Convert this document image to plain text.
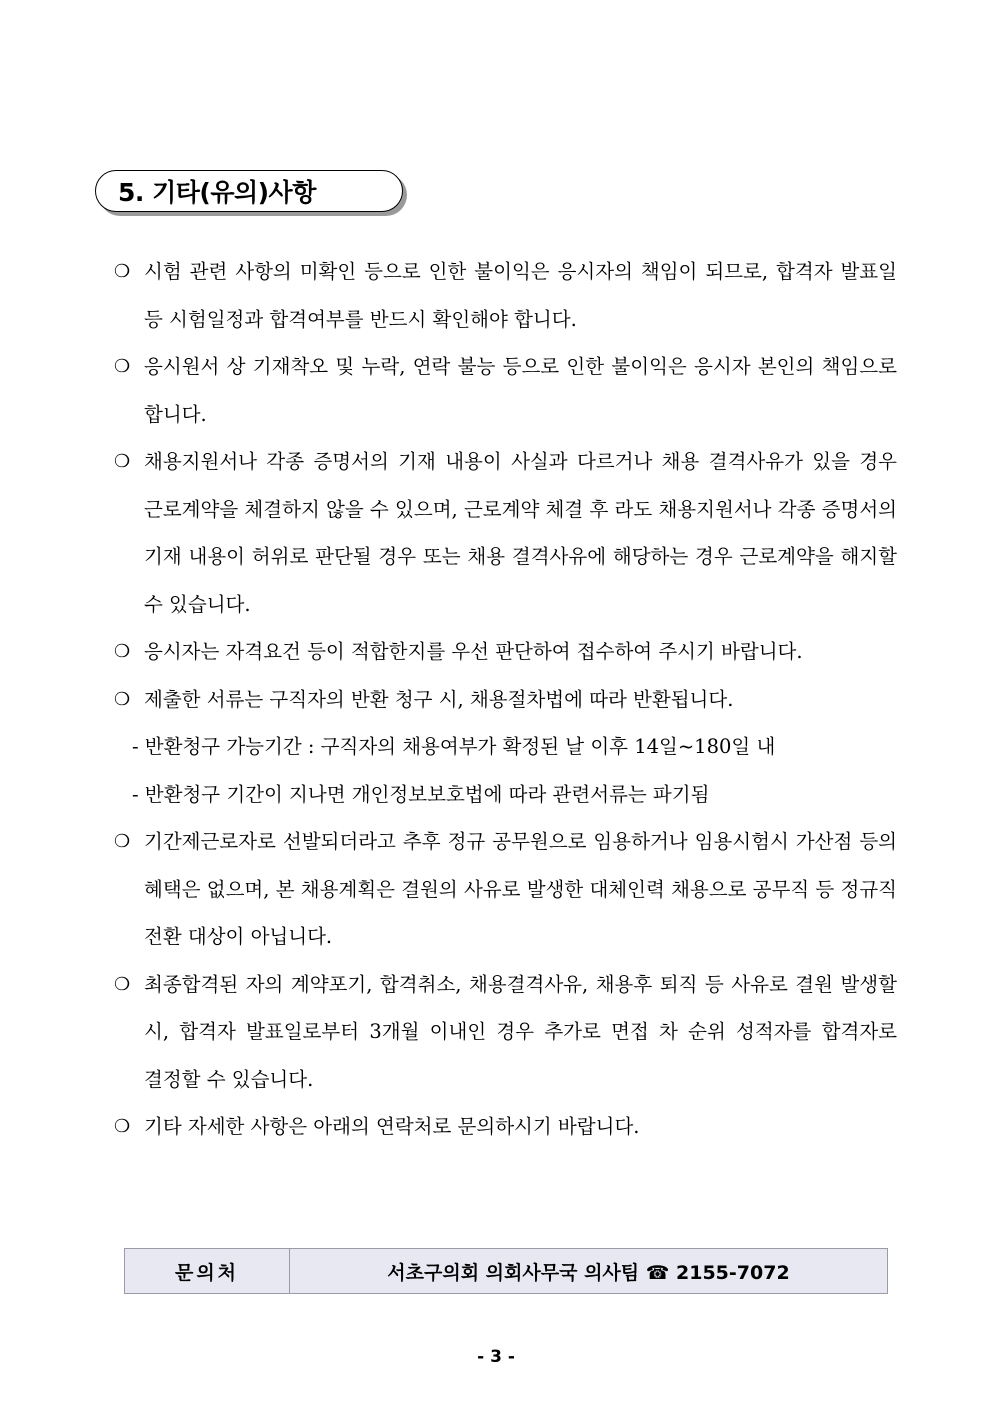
5. 기타(유의)사항
❍ 시험 관련 사항의 미확인 등으로 인한 불이익은 응시자의 책임이 되므로, 합격자 발표일 등 시험일정과 합격여부를 반드시 확인해야 합니다.
❍ 응시원서 상 기재착오 및 누락, 연락 불능 등으로 인한 불이익은 응시자 본인의 책임으로 합니다.
❍ 채용지원서나 각종 증명서의 기재 내용이 사실과 다르거나 채용 결격사유가 있을 경우 근로계약을 체결하지 않을 수 있으며, 근로계약 체결 후 라도 채용지원서나 각종 증명서의 기재 내용이 허위로 판단될 경우 또는 채용 결격사유에 해당하는 경우 근로계약을 해지할 수 있습니다.
❍ 응시자는 자격요건 등이 적합한지를 우선 판단하여 접수하여 주시기 바랍니다.
❍ 제출한 서류는 구직자의 반환 청구 시, 채용절차법에 따라 반환됩니다.
- 반환청구 가능기간 : 구직자의 채용여부가 확정된 날 이후 14일~180일 내
- 반환청구 기간이 지나면 개인정보보호법에 따라 관련서류는 파기됨
❍ 기간제근로자로 선발되더라고 추후 정규 공무원으로 임용하거나 임용시험시 가산점 등의 혜택은 없으며, 본 채용계획은 결원의 사유로 발생한 대체인력 채용으로 공무직 등 정규직 전환 대상이 아닙니다.
❍ 최종합격된 자의 계약포기, 합격취소, 채용결격사유, 채용후 퇴직 등 사유로 결원 발생할 시, 합격자 발표일로부터 3개월 이내인 경우 추가로 면접 차 순위 성적자를 합격자로 결정할 수 있습니다.
❍ 기타 자세한 사항은 아래의 연락처로 문의하시기 바랍니다.
문의처	서초구의회 의회사무국 의사팀 ☎ 2155-7072
- 3 -
